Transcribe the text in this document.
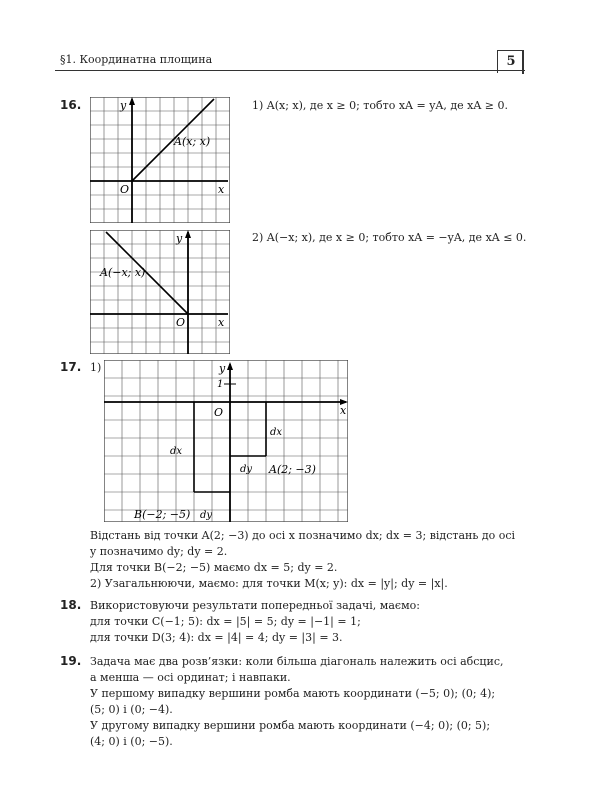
§1. Координатна площина	5
16.	y
x
O
A(x; x)
1) A(x; x), де x ≥ 0; тобто xA = yA, де xA ≥ 0.
y
x
O
A(−x; x)
2) A(−x; x), де x ≥ 0; тобто xA = −yA, де xA ≤ 0.
17. 1)	y
1
x
O
dx
dx
dy
dy
A(2; −3)
B(−2; −5)
Відстань від точки A(2; −3) до осі x позначимо dx; dx = 3; відстань до осі
y позначимо dy; dy = 2.
Для точки B(−2; −5) маємо dx = 5; dy = 2.
2) Узагальнюючи, маємо: для точки M(x; y): dx = |y|; dy = |x|.
18. Використовуючи результати попередньої задачі, маємо:
для точки C(−1; 5): dx = |5| = 5; dy = |−1| = 1;
для точки D(3; 4): dx = |4| = 4; dy = |3| = 3.
19. Задача має два розв’язки: коли більша діагональ належить осі абсцис,
а менша — осі ординат; і навпаки.
У першому випадку вершини ромба мають координати (−5; 0); (0; 4);
(5; 0) і (0; −4).
У другому випадку вершини ромба мають координати (−4; 0); (0; 5);
(4; 0) і (0; −5).
